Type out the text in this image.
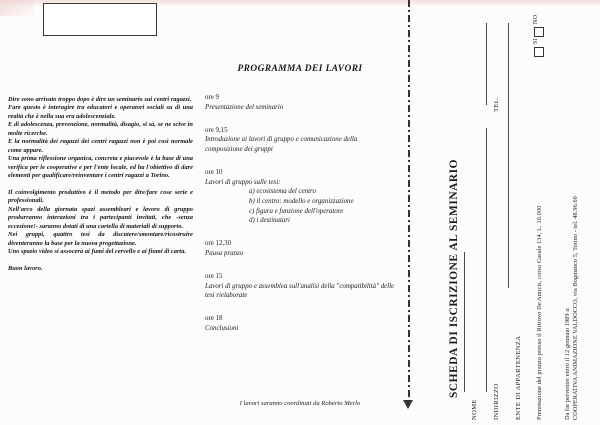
Dire sono arrivato troppo dopo è dire un seminario sui centri ragazzi.

Fare questo è interagire tra educatori e operatori sociali su di una realtà che è nella sua era adolescenziale.

E di adolescenza, prevenzione, normalità, disagio, si sà, se ne scive in molte ricerche.

E la normalità dei ragazzi dei centri ragazzi non è poi così normale come appare.

Una prima riflessione organica, concreta e piacevole è la base di una verifica per le cooperative e per l'ente locale, ed ha l'obiettivo di dare elementi per qualificare/reinventare i centri ragazzi a Torino.

Il coinvolgimento produttivo è il metodo per dire/fare cose serie e professionali.

Nell'arco della giornata spazi assembleari e lavoro di gruppo produrranno interazioni tra i partecipanti invitati, che -senza eccezione!- saranno dotati di una cartella di materiali di supporto.

Nei gruppi, quattro tesi da discutere/smontare/ricostruire diventeranno la base per la nuova progettazione.

Uno spazio video si assocerà ai fumi del cervello e ai fiumi di carta.

Buon lavoro.

PROGRAMMA DEI LAVORI

ore 9

Presentazione del seminario

ore 9,15

Introduzione ai lavori di gruppo e comunicazione della composizione dei gruppi

ore 10

Lavori di gruppo sulle tesi:

a) ecosistema del centro
b) il centro: modello e organizzazione
c) figura e funzione dell'operatore
d) i destinatari

ore 12,30

Pausa pranzo

ore 15

Lavori di gruppo e assemblea sull'analisi della "compatibilità" delle tesi rielaborate

ore 18

Conclusioni

I lavori saranno coordinati da Roberto Merlo
SCHEDA DI ISCRIZIONE AL SEMINARIO
NOME INDIRIZZO
TEL.
ENTE DI APPARTENENZA Prenotazione del pranzo presso il Ritrovo De Amicis, corso Casale 134, L. 10.000
SI
NO
Da far pervenire entro il 12 gennaio 1989 a: COOPERATIVA ANIMAZIONE VALDOCCO, via Bogmanco 5, Torino - tel. 48.96.60
